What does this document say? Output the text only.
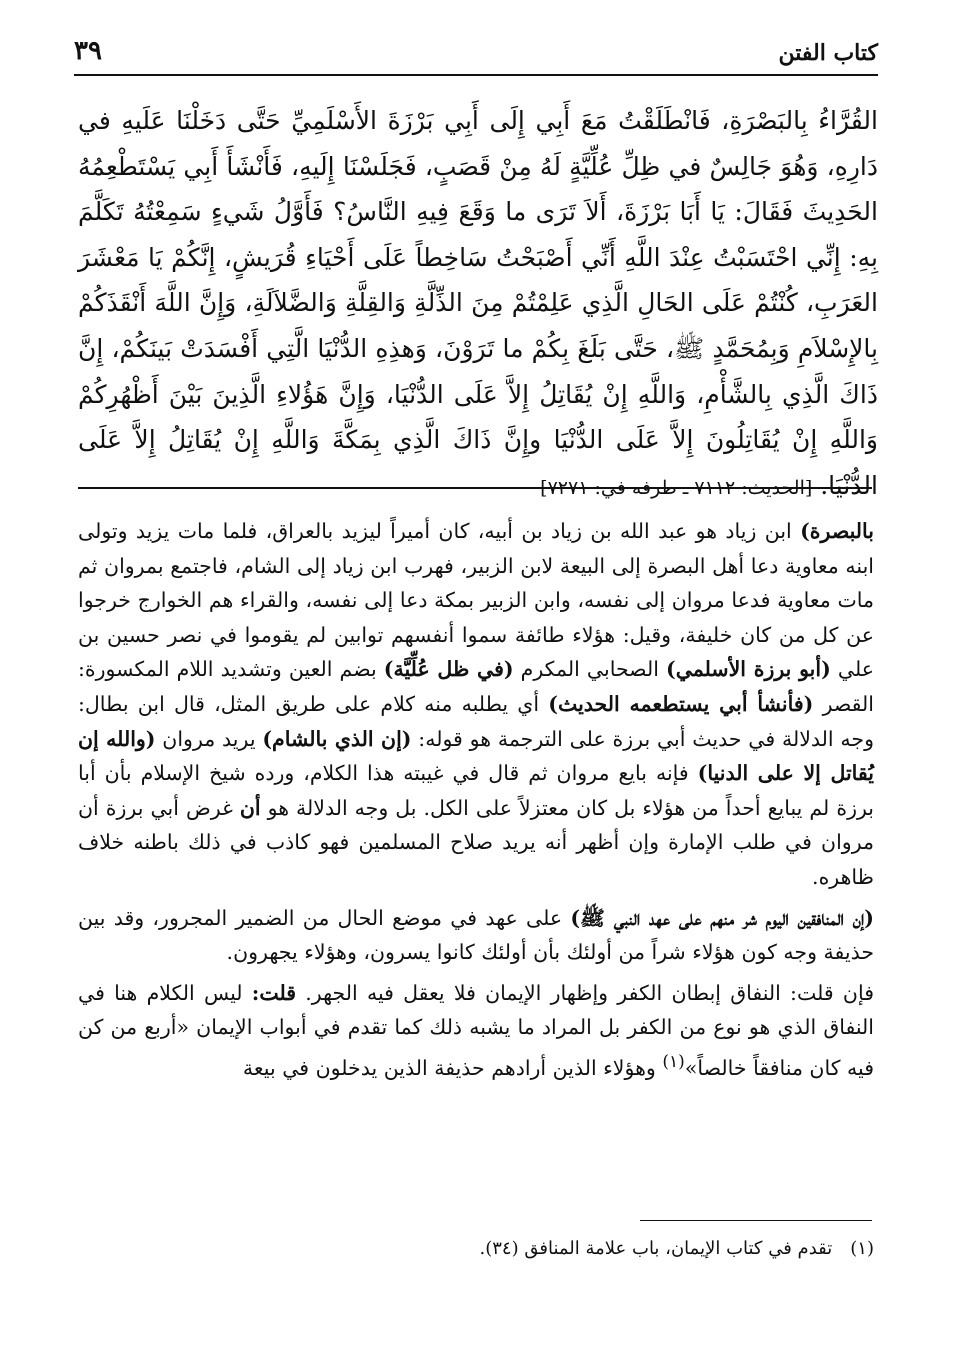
كتاب الفتن
٣٩
القُرَّاءُ بِالبَصْرَةِ، فَانْطَلَقْتُ مَعَ أَبِي إِلَى أَبِي بَرْزَةَ الأَسْلَمِيِّ حَتَّى دَخَلْنَا عَلَيهِ في دَارِهِ، وَهُوَ جَالِسٌ في ظِلِّ عُلِّيَّةٍ لَهُ مِنْ قَصَبٍ، فَجَلَسْنَا إِلَيهِ، فَأَنْشَأَ أَبِي يَسْتَطْعِمُهُ الحَدِيثَ فَقَالَ: يَا أَبَا بَرْزَةَ، أَلاَ تَرَى ما وَقَعَ فِيهِ النَّاسُ؟ فَأَوَّلُ شَيءٍ سَمِعْتُهُ تَكَلَّمَ بِهِ: إِنِّي احْتَسَبْتُ عِنْدَ اللَّهِ أَنِّي أَصْبَحْتُ سَاخِطاً عَلَى أَحْيَاءِ قُرَيشٍ، إِنَّكُمْ يَا مَعْشَرَ العَرَبِ، كُنْتُمْ عَلَى الحَالِ الَّذِي عَلِمْتُمْ مِنَ الذِّلَّةِ وَالقِلَّةِ وَالضَّلاَلَةِ، وَإِنَّ اللَّهَ أَنْقَذَكُمْ بِالإِسْلاَمِ وَبِمُحَمَّدٍ ﷺ، حَتَّى بَلَغَ بِكُمْ ما تَرَوْنَ، وَهذِهِ الدُّنْيَا الَّتِي أَفْسَدَتْ بَينَكُمْ، إِنَّ ذَاكَ الَّذِي بِالشَّأْمِ، وَاللَّهِ إِنْ يُقَاتِلُ إِلاَّ عَلَى الدُّنْيَا، وَإِنَّ هَؤُلاءِ الَّذِينَ بَيْنَ أَظْهُرِكُمْ وَاللَّهِ إِنْ يُقَاتِلُونَ إِلاَّ عَلَى الدُّنْيَا وإِنَّ ذَاكَ الَّذِي بِمَكَّةَ وَاللَّهِ إِنْ يُقَاتِلُ إِلاَّ عَلَى الدُّنْيَا. [الحديث: ٧١١٢ ـ طرفه في: ٧٢٧١]

بالبصرة) ابن زياد هو عبد الله بن زياد بن أبيه، كان أميراً ليزيد بالعراق، فلما مات يزيد وتولى ابنه معاوية دعا أهل البصرة إلى البيعة لابن الزبير، فهرب ابن زياد إلى الشام، فاجتمع بمروان ثم مات معاوية فدعا مروان إلى نفسه، وابن الزبير بمكة دعا إلى نفسه، والقراء هم الخوارج خرجوا عن كل من كان خليفة، وقيل: هؤلاء طائفة سموا أنفسهم توابين لم يقوموا في نصر حسين بن علي (أبو برزة الأسلمي) الصحابي المكرم (في ظل عُلِّيَّة) بضم العين وتشديد اللام المكسورة: القصر (فأنشأ أبي يستطعمه الحديث) أي يطلبه منه كلام على طريق المثل، قال ابن بطال: وجه الدلالة في حديث أبي برزة على الترجمة هو قوله: (إن الذي بالشام) يريد مروان (والله إن يُقاتل إلا على الدنيا) فإنه بايع مروان ثم قال في غيبته هذا الكلام، ورده شيخ الإسلام بأن أبا برزة لم يبايع أحداً من هؤلاء بل كان معتزلاً على الكل. بل وجه الدلالة هو أن غرض أبي برزة أن مروان في طلب الإمارة وإن أظهر أنه يريد صلاح المسلمين فهو كاذب في ذلك باطنه خلاف ظاهره.

(إن المنافقين اليوم شر منهم على عهد النبي ﷺ) على عهد في موضع الحال من الضمير المجرور، وقد بين حذيفة وجه كون هؤلاء شراً من أولئك بأن أولئك كانوا يسرون، وهؤلاء يجهرون.

فإن قلت: النفاق إبطان الكفر وإظهار الإيمان فلا يعقل فيه الجهر. قلت: ليس الكلام هنا في النفاق الذي هو نوع من الكفر بل المراد ما يشبه ذلك كما تقدم في أبواب الإيمان «أربع من كن فيه كان منافقاً خالصاً»$^{(١)}$ وهؤلاء الذين أرادهم حذيفة الذين يدخلون في بيعة

(١)تقدم في كتاب الإيمان، باب علامة المنافق (٣٤).
